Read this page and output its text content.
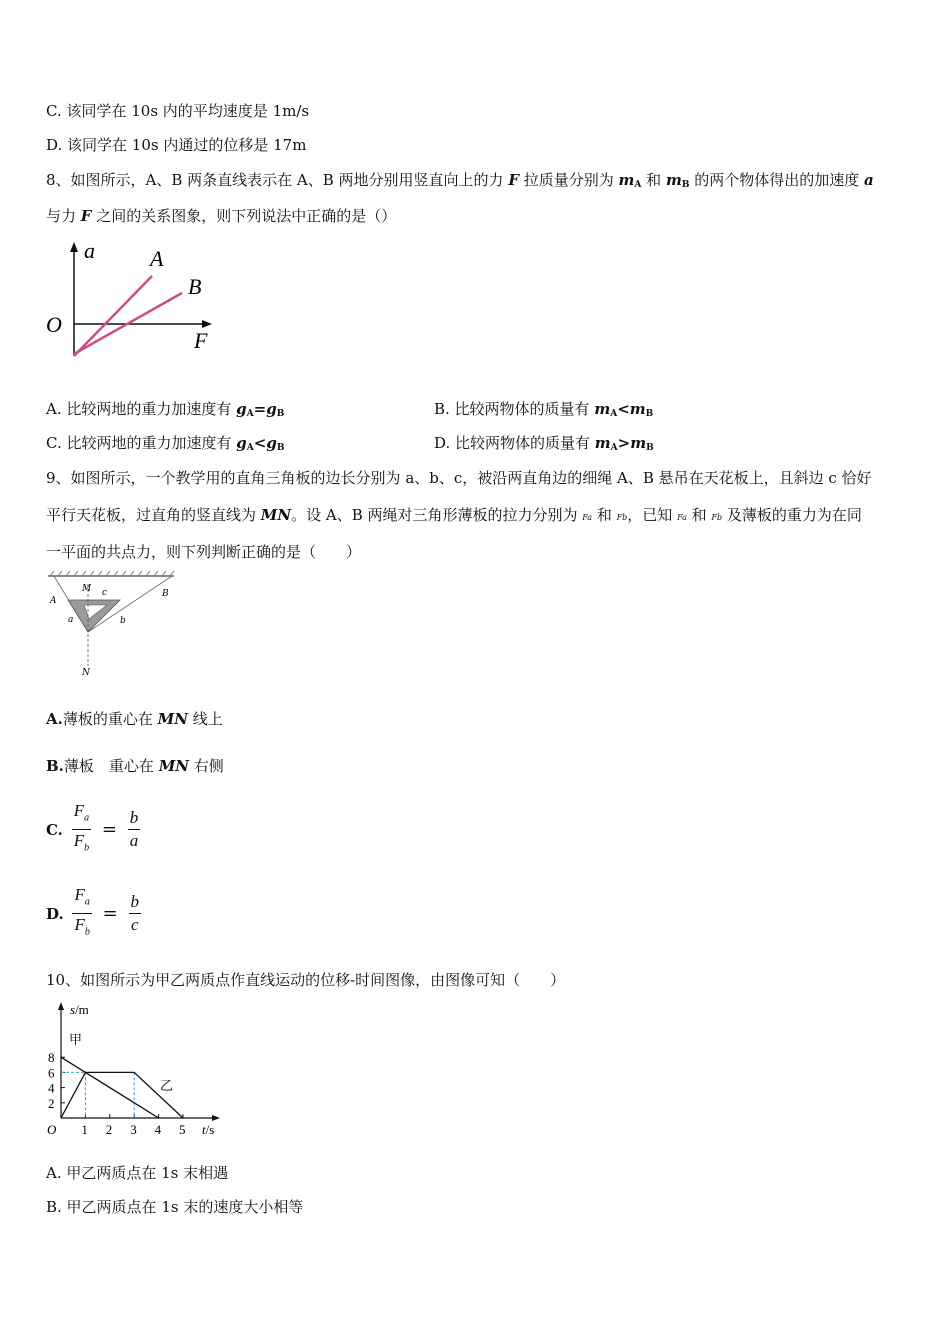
C. 该同学在 10s 内的平均速度是 1m/s
D. 该同学在 10s 内通过的位移是 17m
8、如图所示，A、B 两条直线表示在 A、B 两地分别用竖直向上的力 F 拉质量分别为 $m_A$ 和 $m_B$ 的两个物体得出的加速度 a
与力 F 之间的关系图象，则下列说法中正确的是（）
a	A
B
O
F
A. 比较两地的重力加速度有 $g_A=g_B$	B. 比较两物体的质量有 $m_A<m_B$
C. 比较两地的重力加速度有 $g_A<g_B$	D. 比较两物体的质量有 $m_A>m_B$
9、如图所示，一个教学用的直角三角板的边长分别为 a、b、c，被沿两直角边的细绳 A、B 悬吊在天花板上，且斜边 c 恰好
平行天花板，过直角的竖直线为 MN。设 A、B 两绳对三角形薄板的拉力分别为 Fa 和 Fb，已知 Fa 和 Fb 及薄板的重力为在同
一平面的共点力，则下列判断正确的是（　　）
A
B
M
N
c
a	b
A.薄板的重心在 MN 线上
B.薄板　重心在 MN 右侧
C. $\frac{F_a}{F_b} = \frac{b}{a}$
D. $\frac{F_a}{F_b} = \frac{b}{c}$
10、如图所示为甲乙两质点作直线运动的位移-时间图像，由图像可知（　　）
2
4
6
8
1 2 3 4 5
s/m
t/s
O
甲
乙
A. 甲乙两质点在 1s 末相遇
B. 甲乙两质点在 1s 末的速度大小相等
